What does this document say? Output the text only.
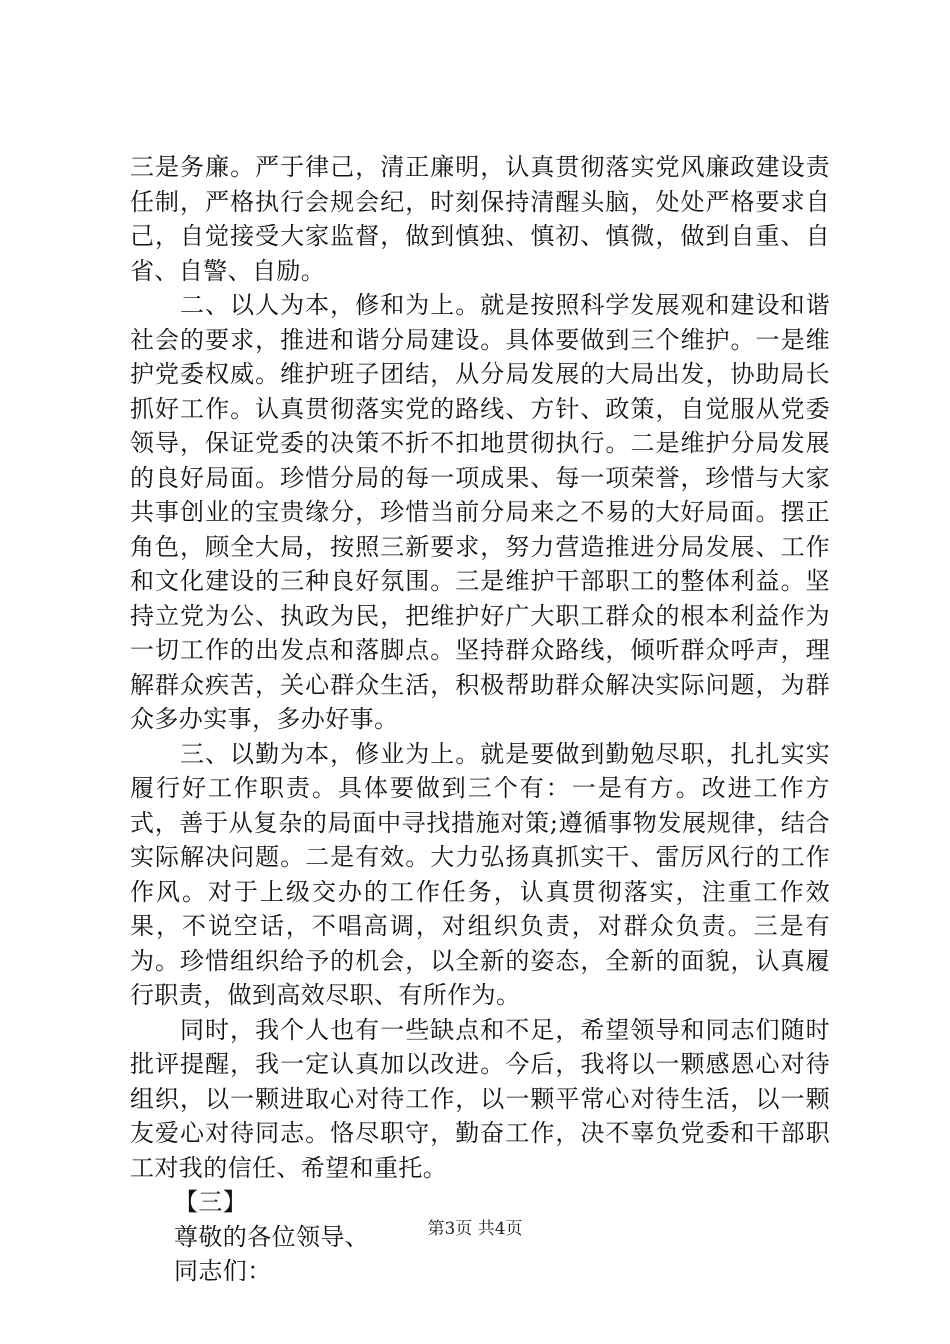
三是务廉。严于律己，清正廉明，认真贯彻落实党风廉政建设责任制，严格执行会规会纪，时刻保持清醒头脑，处处严格要求自己，自觉接受大家监督，做到慎独、慎初、慎微，做到自重、自省、自警、自励。

二、以人为本，修和为上。就是按照科学发展观和建设和谐社会的要求，推进和谐分局建设。具体要做到三个维护。一是维护党委权威。维护班子团结，从分局发展的大局出发，协助局长抓好工作。认真贯彻落实党的路线、方针、政策，自觉服从党委领导，保证党委的决策不折不扣地贯彻执行。二是维护分局发展的良好局面。珍惜分局的每一项成果、每一项荣誉，珍惜与大家共事创业的宝贵缘分，珍惜当前分局来之不易的大好局面。摆正角色，顾全大局，按照三新要求，努力营造推进分局发展、工作和文化建设的三种良好氛围。三是维护干部职工的整体利益。坚持立党为公、执政为民，把维护好广大职工群众的根本利益作为一切工作的出发点和落脚点。坚持群众路线，倾听群众呼声，理解群众疾苦，关心群众生活，积极帮助群众解决实际问题，为群众多办实事，多办好事。

三、以勤为本，修业为上。就是要做到勤勉尽职，扎扎实实履行好工作职责。具体要做到三个有：一是有方。改进工作方式，善于从复杂的局面中寻找措施对策;遵循事物发展规律，结合实际解决问题。二是有效。大力弘扬真抓实干、雷厉风行的工作作风。对于上级交办的工作任务，认真贯彻落实，注重工作效果，不说空话，不唱高调，对组织负责，对群众负责。三是有为。珍惜组织给予的机会，以全新的姿态，全新的面貌，认真履行职责，做到高效尽职、有所作为。

同时，我个人也有一些缺点和不足，希望领导和同志们随时批评提醒，我一定认真加以改进。今后，我将以一颗感恩心对待组织，以一颗进取心对待工作，以一颗平常心对待生活，以一颗友爱心对待同志。恪尽职守，勤奋工作，决不辜负党委和干部职工对我的信任、希望和重托。

【三】

尊敬的各位领导、

同志们：

第3页 共4页
